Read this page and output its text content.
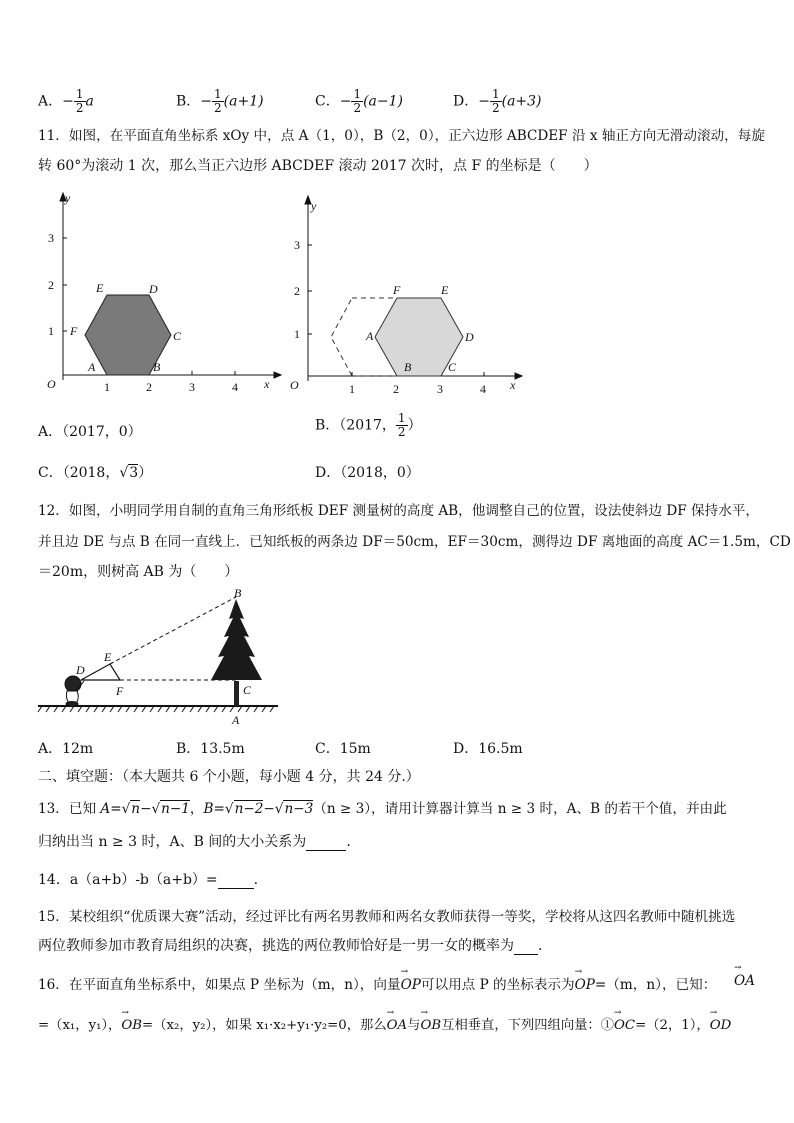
A．− $\frac{1}{2}$ a	B．− $\frac{1}{2} (a+1)$	C．− $\frac{1}{2} (a-1)$	D．− $\frac{1}{2} (a+3)$
11．如图，在平面直角坐标系 xOy 中，点 A（1，0），B（2，0），正六边形 ABCDEF 沿 x 轴正方向无滑动滚动，每旋
转 60°为滚动 1 次，那么当正六边形 ABCDEF 滚动 2017 次时，点 F 的坐标是（　　）
y
x
O
A	B
C
D
E
F
1	2	3	4
1
2
3
y
x
O
A
B	C
D
E
F
1	2	3	4
1
2
3
A．（2017，0）	B．（2017， $\frac{1}{2}$ ）
C．（2018，√3）	D．（2018，0）
12．如图，小明同学用自制的直角三角形纸板 DEF 测量树的高度 AB，他调整自己的位置，设法使斜边 DF 保持水平，
并且边 DE 与点 B 在同一直线上．已知纸板的两条边 DF＝50cm，EF＝30cm，测得边 DF 离地面的高度 AC＝1.5m，CD
＝20m，则树高 AB 为（　　）
B
E
D
F	C
A
A．12m	B．13.5m	C．15m	D．16.5m
二、填空题：（本大题共 6 个小题，每小题 4 分，共 24 分.）
13．已知 A=√n−√n−1，B=√n−2−√n−3（n ≥ 3），请用计算器计算当 n ≥ 3 时，A、B 的若干个值，并由此
归纳出当 n ≥ 3 时，A、B 间的大小关系为	.
14．a（a+b）-b（a+b）=	.
15．某校组织“优质课大赛”活动，经过评比有两名男教师和两名女教师获得一等奖，学校将从这四名教师中随机挑选
两位教师参加市教育局组织的决赛，挑选的两位教师恰好是一男一女的概率为 .
16．在平面直角坐标系中，如果点 P 坐标为（m，n），向量→ OP可以用点 P 的坐标表示为→ OP=（m，n），已知：
→ OA
=（x₁，y₁），→ OB=（x₂，y₂），如果 x₁·x₂+y₁·y₂=0，那么→ OA与→ OB互相垂直，下列四组向量：①→ OC=（2，1），→ OD
